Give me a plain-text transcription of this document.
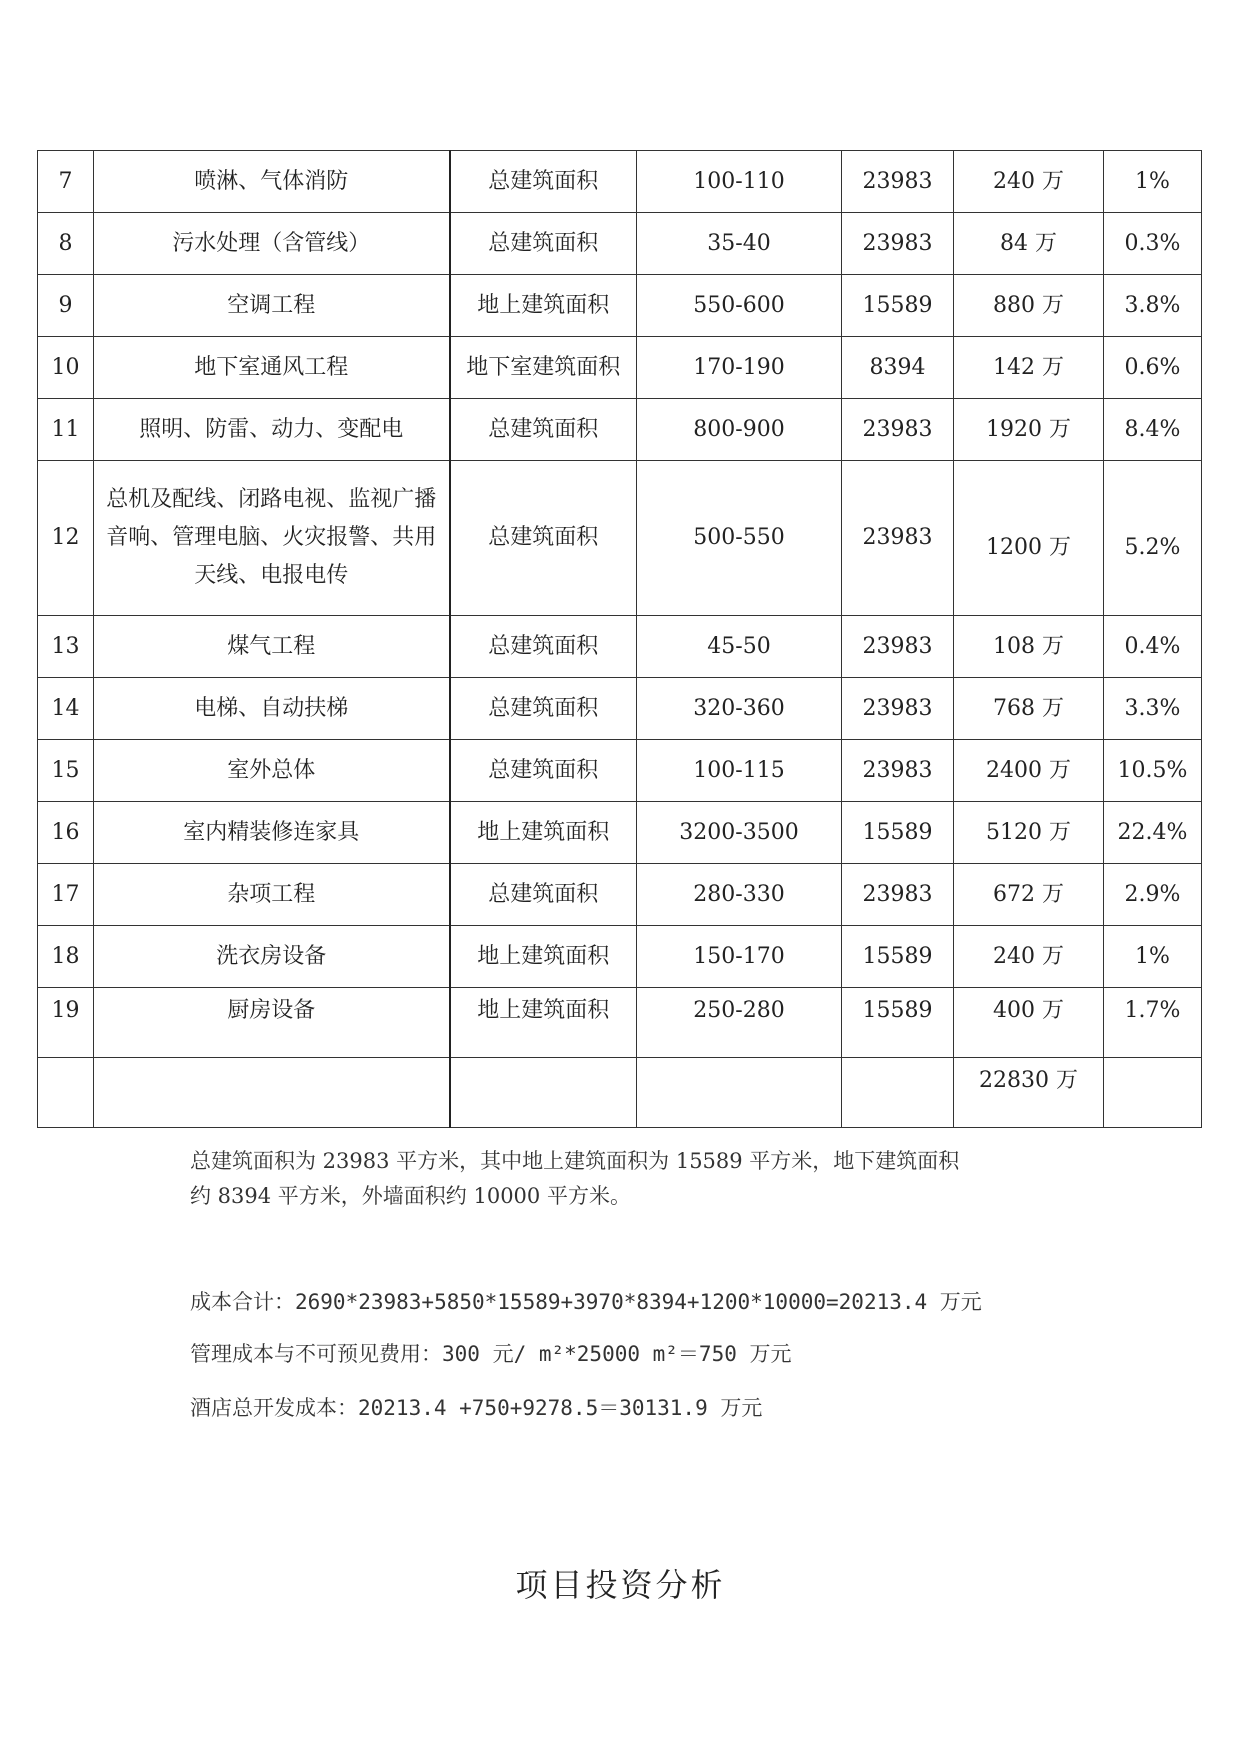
7	喷淋、气体消防	总建筑面积	100-110	23983	240 万	1%
8	污水处理（含管线）	总建筑面积	35-40	23983	84 万	0.3%
9	空调工程	地上建筑面积	550-600	15589	880 万	3.8%
10	地下室通风工程	地下室建筑面积	170-190	8394	142 万	0.6%
11	照明、防雷、动力、变配电	总建筑面积	800-900	23983	1920 万	8.4%
12	总机及配线、闭路电视、监视广播音响、管理电脑、火灾报警、共用天线、电报电传	总建筑面积	500-550	23983	1200 万	5.2%
13	煤气工程	总建筑面积	45-50	23983	108 万	0.4%
14	电梯、自动扶梯	总建筑面积	320-360	23983	768 万	3.3%
15	室外总体	总建筑面积	100-115	23983	2400 万	10.5%
16	室内精装修连家具	地上建筑面积	3200-3500	15589	5120 万	22.4%
17	杂项工程	总建筑面积	280-330	23983	672 万	2.9%
18	洗衣房设备	地上建筑面积	150-170	15589	240 万	1%
19	厨房设备	地上建筑面积	250-280	15589	400 万	1.7%
					22830 万	
总建筑面积为 23983 平方米，其中地上建筑面积为 15589 平方米，地下建筑面积
约 8394 平方米，外墙面积约 10000 平方米。
成本合计：2690*23983+5850*15589+3970*8394+1200*10000=20213.4 万元
管理成本与不可预见费用：300 元/ m²*25000 m²＝750 万元
酒店总开发成本：20213.4 +750+9278.5＝30131.9 万元
项目投资分析
